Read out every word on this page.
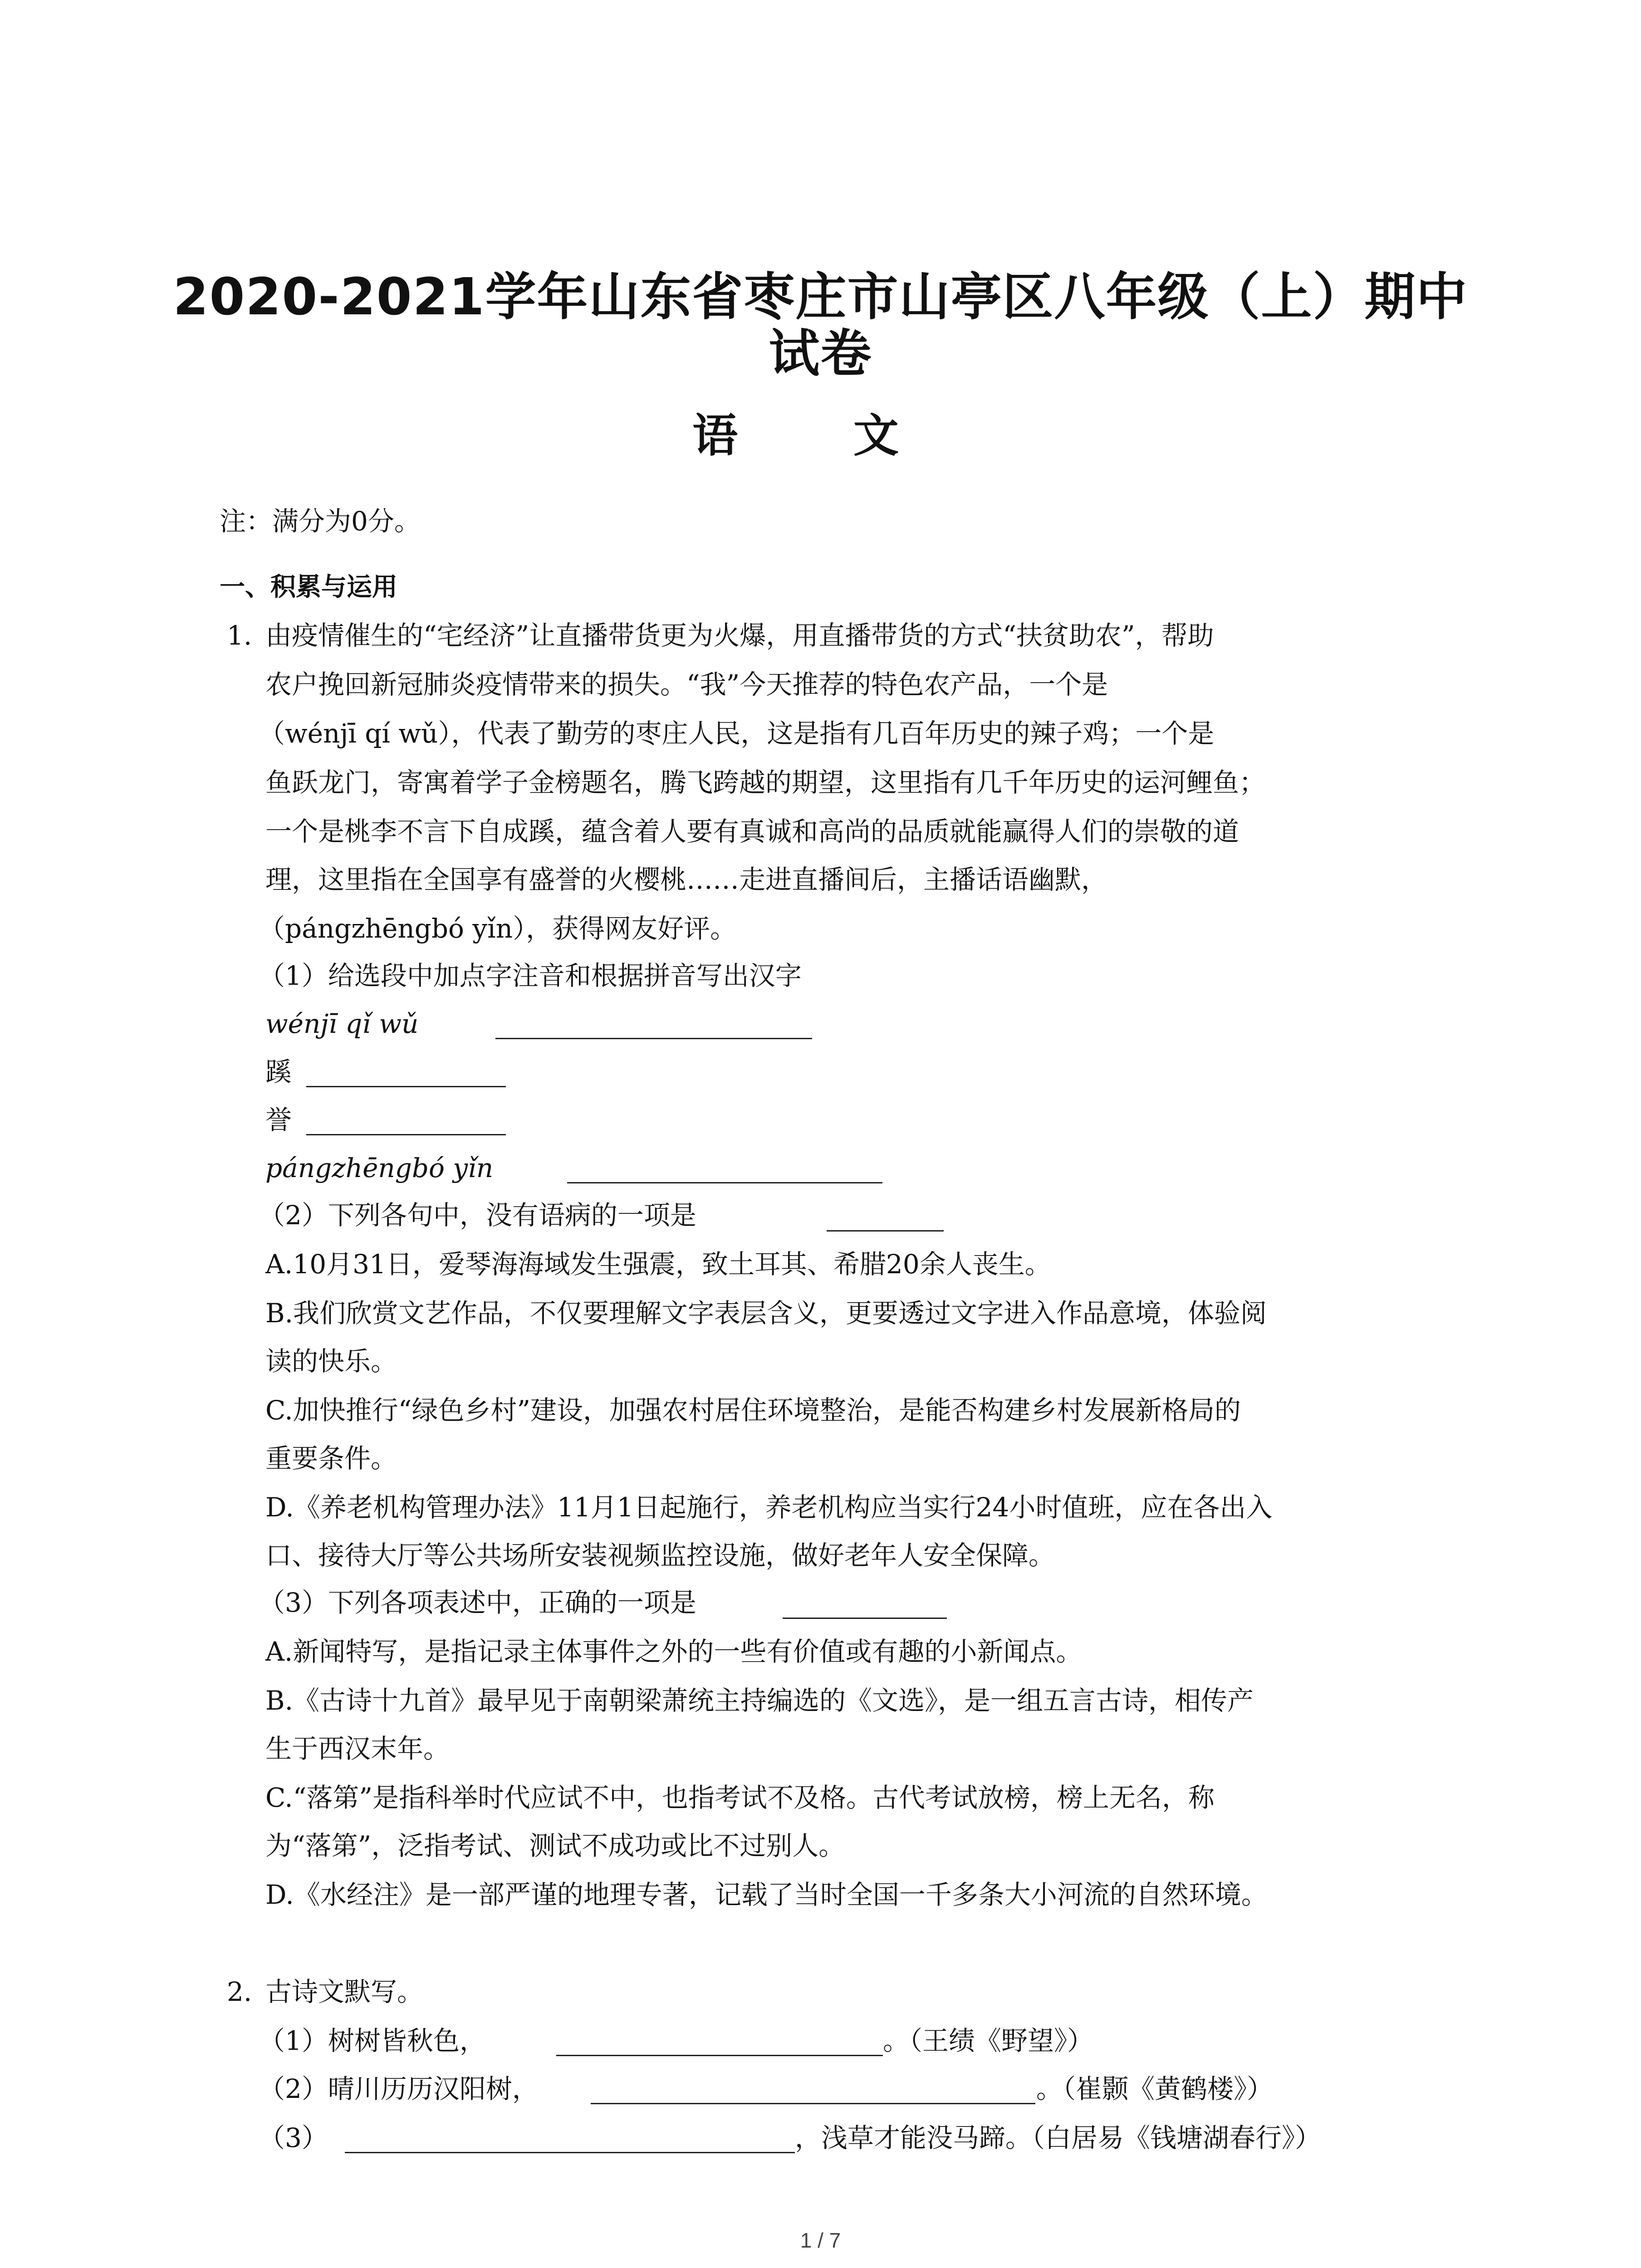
2020-2021学年山东省枣庄市山亭区八年级（上）期中
试卷
语 文
注：满分为0分。
一、积累与运用
1. 由疫情催生的“宅经济”让直播带货更为火爆，用直播带货的方式“扶贫助农”，帮助
农户挽回新冠肺炎疫情带来的损失。“我”今天推荐的特色农产品，一个是
（wénjī qí wǔ），代表了勤劳的枣庄人民，这是指有几百年历史的辣子鸡；一个是
鱼跃龙门，寄寓着学子金榜题名，腾飞跨越的期望，这里指有几千年历史的运河鲤鱼；
一个是桃李不言下自成蹊，蕴含着人要有真诚和高尚的品质就能赢得人们的崇敬的道
理，这里指在全国享有盛誉的火樱桃……走进直播间后，主播话语幽默，
（pángzhēngbó yǐn），获得网友好评。
（1）给选段中加点字注音和根据拼音写出汉字
wénjī qǐ wǔ
蹊
誉
pángzhēngbó yǐn
（2）下列各句中，没有语病的一项是
A.10月31日，爱琴海海域发生强震，致土耳其、希腊20余人丧生。
B.我们欣赏文艺作品，不仅要理解文字表层含义，更要透过文字进入作品意境，体验阅
读的快乐。
C.加快推行“绿色乡村”建设，加强农村居住环境整治，是能否构建乡村发展新格局的
重要条件。
D.《养老机构管理办法》11月1日起施行，养老机构应当实行24小时值班，应在各出入
口、接待大厅等公共场所安装视频监控设施，做好老年人安全保障。
（3）下列各项表述中，正确的一项是
A.新闻特写，是指记录主体事件之外的一些有价值或有趣的小新闻点。
B.《古诗十九首》最早见于南朝梁萧统主持编选的《文选》，是一组五言古诗，相传产
生于西汉末年。
C.“落第”是指科举时代应试不中，也指考试不及格。古代考试放榜，榜上无名，称
为“落第”，泛指考试、测试不成功或比不过别人。
D.《水经注》是一部严谨的地理专著，记载了当时全国一千多条大小河流的自然环境。
2. 古诗文默写。
（1）树树皆秋色，	。（王绩《野望》）
（2）晴川历历汉阳树，	。（崔颢《黄鹤楼》）
（3）	，浅草才能没马蹄。（白居易《钱塘湖春行》）
1 / 7
